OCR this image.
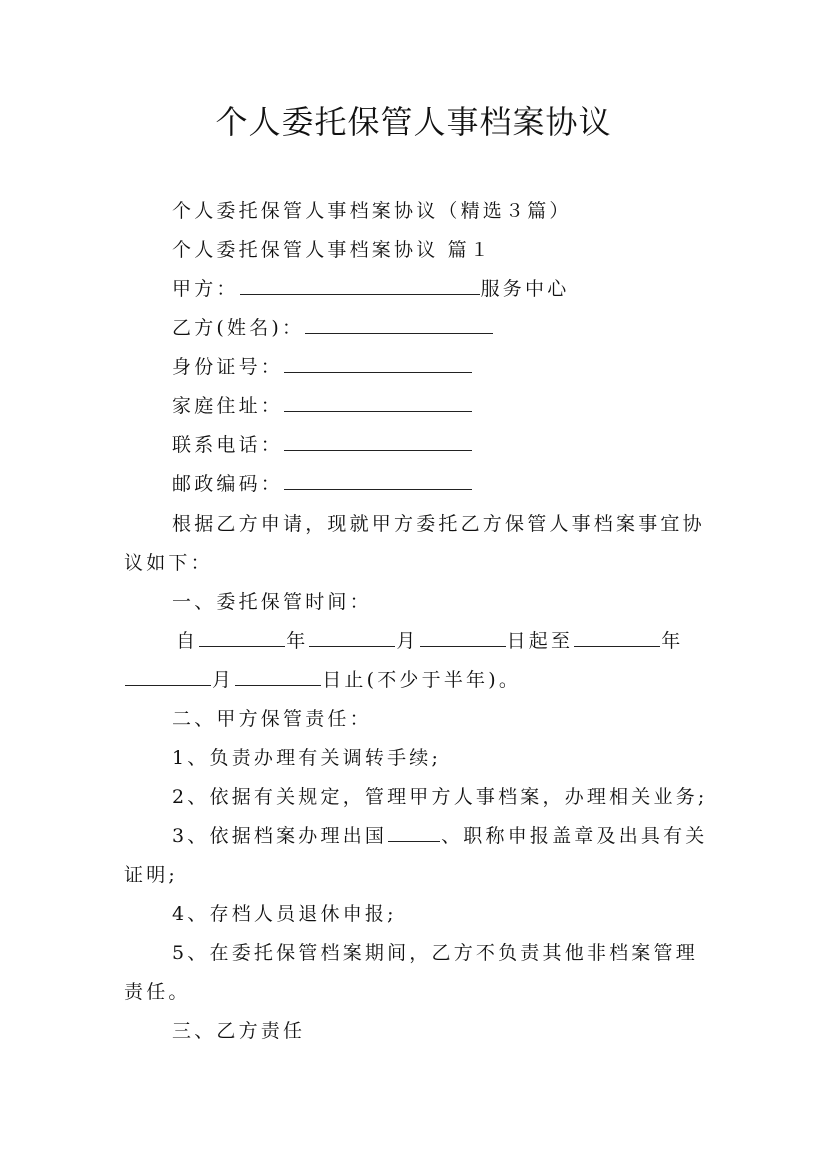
个人委托保管人事档案协议

个人委托保管人事档案协议（精选３篇）

个人委托保管人事档案协议 篇１

甲方：	服务中心

乙方(姓名)：

身份证号：

家庭住址：

联系电话：

邮政编码：

根据乙方申请，现就甲方委托乙方保管人事档案事宜协

议如下：

一、委托保管时间：

自	年	月	日起至	年

月	日止(不少于半年)。

二、甲方保管责任：

1、负责办理有关调转手续;

2、依据有关规定，管理甲方人事档案，办理相关业务;

3、依据档案办理出国	、职称申报盖章及出具有关

证明;

4、存档人员退休申报;

5、在委托保管档案期间，乙方不负责其他非档案管理

责任。

三、乙方责任
